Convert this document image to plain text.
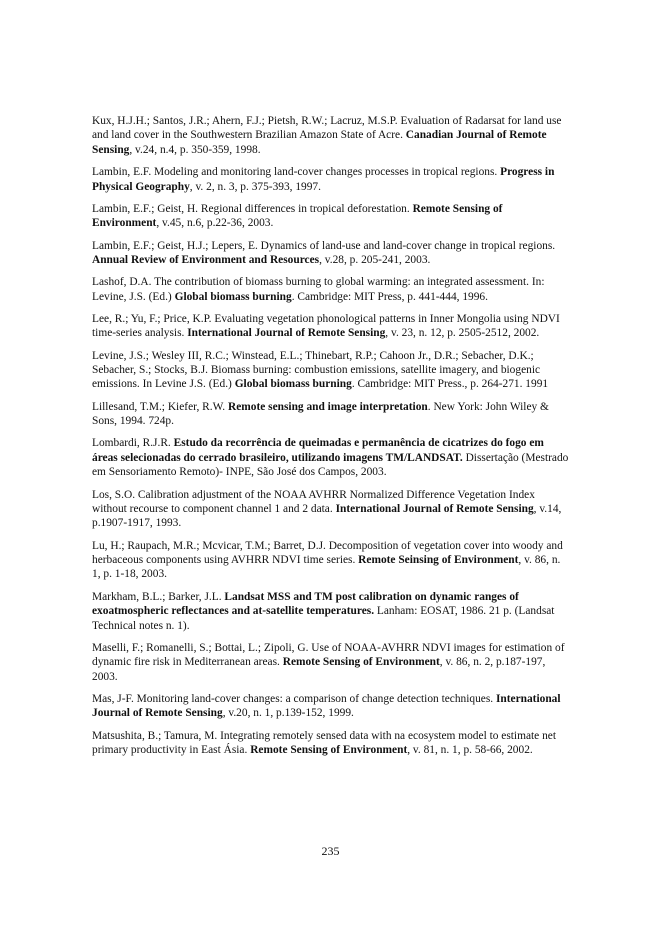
Kux, H.J.H.; Santos, J.R.; Ahern, F.J.; Pietsh, R.W.; Lacruz, M.S.P. Evaluation of Radarsat for land use and land cover in the Southwestern Brazilian Amazon State of Acre. Canadian Journal of Remote Sensing, v.24, n.4, p. 350-359, 1998.

Lambin, E.F. Modeling and monitoring land-cover changes processes in tropical regions. Progress in Physical Geography, v. 2, n. 3, p. 375-393, 1997.

Lambin, E.F.; Geist, H. Regional differences in tropical deforestation. Remote Sensing of Environment, v.45, n.6, p.22-36, 2003.

Lambin, E.F.; Geist, H.J.; Lepers, E. Dynamics of land-use and land-cover change in tropical regions. Annual Review of Environment and Resources, v.28, p. 205-241, 2003.

Lashof, D.A. The contribution of biomass burning to global warming: an integrated assessment. In: Levine, J.S. (Ed.) Global biomass burning. Cambridge: MIT Press, p. 441-444, 1996.

Lee, R.; Yu, F.; Price, K.P. Evaluating vegetation phonological patterns in Inner Mongolia using NDVI time-series analysis. International Journal of Remote Sensing, v. 23, n. 12, p. 2505-2512, 2002.

Levine, J.S.; Wesley III, R.C.; Winstead, E.L.; Thinebart, R.P.; Cahoon Jr., D.R.; Sebacher, D.K.; Sebacher, S.; Stocks, B.J. Biomass burning: combustion emissions, satellite imagery, and biogenic emissions. In Levine J.S. (Ed.) Global biomass burning. Cambridge: MIT Press., p. 264-271. 1991

Lillesand, T.M.; Kiefer, R.W. Remote sensing and image interpretation. New York: John Wiley & Sons, 1994. 724p.

Lombardi, R.J.R. Estudo da recorrência de queimadas e permanência de cicatrizes do fogo em áreas selecionadas do cerrado brasileiro, utilizando imagens TM/LANDSAT. Dissertação (Mestrado em Sensoriamento Remoto)- INPE, São José dos Campos, 2003.

Los, S.O. Calibration adjustment of the NOAA AVHRR Normalized Difference Vegetation Index without recourse to component channel 1 and 2 data. International Journal of Remote Sensing, v.14, p.1907-1917, 1993.

Lu, H.; Raupach, M.R.; Mcvicar, T.M.; Barret, D.J. Decomposition of vegetation cover into woody and herbaceous components using AVHRR NDVI time series. Remote Seinsing of Environment, v. 86, n. 1, p. 1-18, 2003.

Markham, B.L.; Barker, J.L. Landsat MSS and TM post calibration on dynamic ranges of exoatmospheric reflectances and at-satellite temperatures. Lanham: EOSAT, 1986. 21 p. (Landsat Technical notes n. 1).

Maselli, F.; Romanelli, S.; Bottai, L.; Zipoli, G. Use of NOAA-AVHRR NDVI images for estimation of dynamic fire risk in Mediterranean areas. Remote Sensing of Environment, v. 86, n. 2, p.187-197, 2003.

Mas, J-F. Monitoring land-cover changes: a comparison of change detection techniques. International Journal of Remote Sensing, v.20, n. 1, p.139-152, 1999.

Matsushita, B.; Tamura, M. Integrating remotely sensed data with na ecosystem model to estimate net primary productivity in East Ásia. Remote Sensing of Environment, v. 81, n. 1, p. 58-66, 2002.

235
